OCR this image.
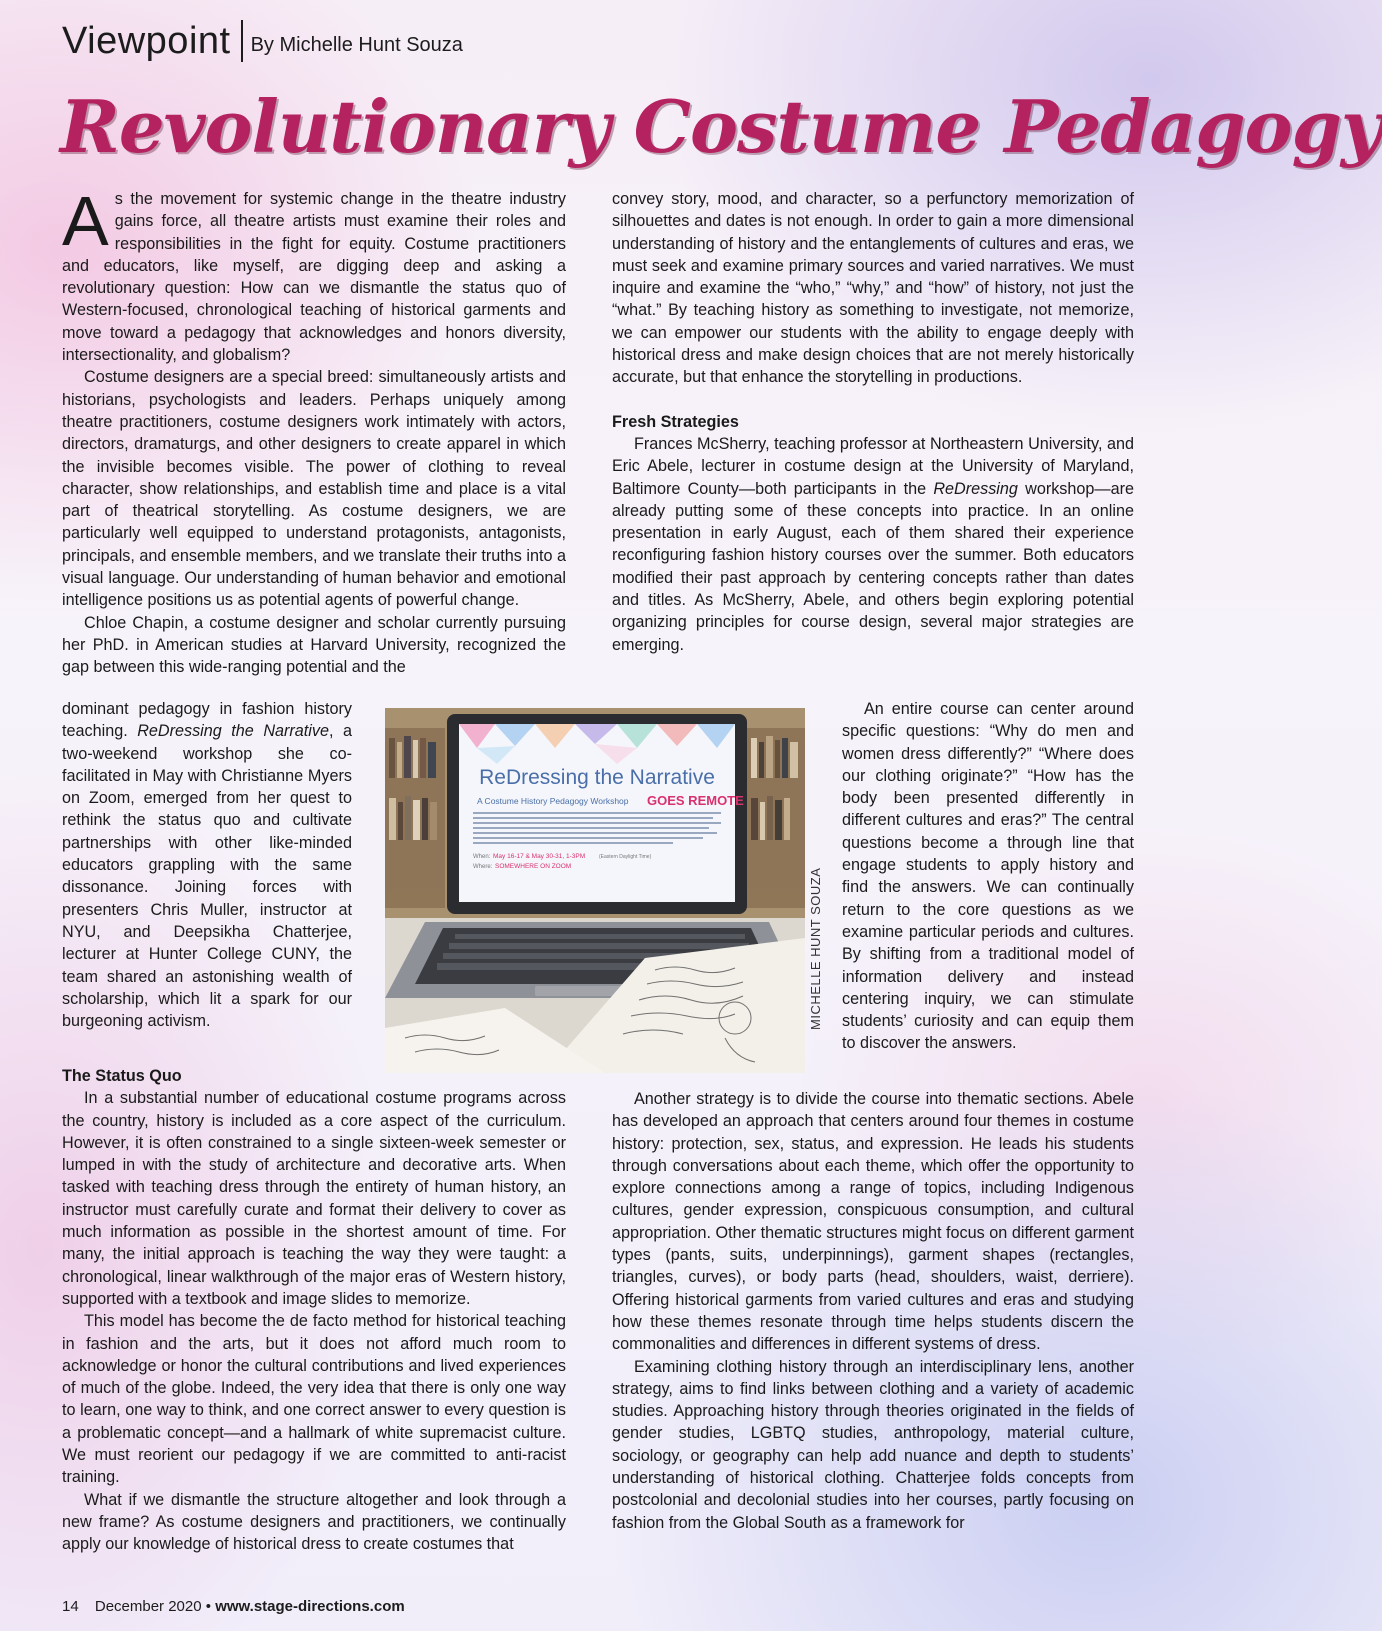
Viewpoint By Michelle Hunt Souza
Revolutionary Costume Pedagogy

As the movement for systemic change in the theatre industry gains force, all theatre artists must examine their roles and responsibilities in the fight for equity. Costume practitioners and educators, like myself, are digging deep and asking a revolutionary question: How can we dismantle the status quo of Western-focused, chronological teaching of historical garments and move toward a pedagogy that acknowledges and honors diversity, intersectionality, and globalism?

Costume designers are a special breed: simultaneously artists and historians, psychologists and leaders. Perhaps uniquely among theatre practitioners, costume designers work intimately with actors, directors, dramaturgs, and other designers to create apparel in which the invisible becomes visible. The power of clothing to reveal character, show relationships, and establish time and place is a vital part of theatrical storytelling. As costume designers, we are particularly well equipped to understand protagonists, antagonists, principals, and ensemble members, and we translate their truths into a visual language. Our understanding of human behavior and emotional intelligence positions us as potential agents of powerful change.

Chloe Chapin, a costume designer and scholar currently pursuing her PhD. in American studies at Harvard University, recognized the gap between this wide-ranging potential and the

dominant pedagogy in fashion history teaching. ReDressing the Narrative, a two-weekend workshop she co-facilitated in May with Christianne Myers on Zoom, emerged from her quest to rethink the status quo and cultivate partnerships with other like-minded educators grappling with the same dissonance. Joining forces with presenters Chris Muller, instructor at NYU, and Deepsikha Chatterjee, lecturer at Hunter College CUNY, the team shared an astonishing wealth of scholarship, which lit a spark for our burgeoning activism.

The Status Quo

In a substantial number of educational costume programs across the country, history is included as a core aspect of the curriculum. However, it is often constrained to a single sixteen-week semester or lumped in with the study of architecture and decorative arts. When tasked with teaching dress through the entirety of human history, an instructor must carefully curate and format their delivery to cover as much information as possible in the shortest amount of time. For many, the initial approach is teaching the way they were taught: a chronological, linear walkthrough of the major eras of Western history, supported with a textbook and image slides to memorize.

This model has become the de facto method for historical teaching in fashion and the arts, but it does not afford much room to acknowledge or honor the cultural contributions and lived experiences of much of the globe. Indeed, the very idea that there is only one way to learn, one way to think, and one correct answer to every question is a problematic concept—and a hallmark of white supremacist culture. We must reorient our pedagogy if we are committed to anti-racist training.

What if we dismantle the structure altogether and look through a new frame? As costume designers and practitioners, we continually apply our knowledge of historical dress to create costumes that

convey story, mood, and character, so a perfunctory memorization of silhouettes and dates is not enough. In order to gain a more dimensional understanding of history and the entanglements of cultures and eras, we must seek and examine primary sources and varied narratives. We must inquire and examine the “who,” “why,” and “how” of history, not just the “what.” By teaching history as something to investigate, not memorize, we can empower our students with the ability to engage deeply with historical dress and make design choices that are not merely historically accurate, but that enhance the storytelling in productions.

Fresh Strategies

Frances McSherry, teaching professor at Northeastern University, and Eric Abele, lecturer in costume design at the University of Maryland, Baltimore County—both participants in the ReDressing workshop—are already putting some of these concepts into practice. In an online presentation in early August, each of them shared their experience reconfiguring fashion history courses over the summer. Both educators modified their past approach by centering concepts rather than dates and titles. As McSherry, Abele, and others begin exploring potential organizing principles for course design, several major strategies are emerging.

An entire course can center around specific questions: “Why do men and women dress differently?” “Where does our clothing originate?” “How has the body been presented differently in different cultures and eras?” The central questions become a through line that engage students to apply history and find the answers. We can continually return to the core questions as we examine particular periods and cultures. By shifting from a traditional model of information delivery and instead centering inquiry, we can stimulate students’ curiosity and can equip them to discover the answers.

Another strategy is to divide the course into thematic sections. Abele has developed an approach that centers around four themes in costume history: protection, sex, status, and expression. He leads his students through conversations about each theme, which offer the opportunity to explore connections among a range of topics, including Indigenous cultures, gender expression, conspicuous consumption, and cultural appropriation. Other thematic structures might focus on different garment types (pants, suits, underpinnings), garment shapes (rectangles, triangles, curves), or body parts (head, shoulders, waist, derriere). Offering historical garments from varied cultures and eras and studying how these themes resonate through time helps students discern the commonalities and differences in different systems of dress.

Examining clothing history through an interdisciplinary lens, another strategy, aims to find links between clothing and a variety of academic studies. Approaching history through theories originated in the fields of gender studies, LGBTQ studies, anthropology, material culture, sociology, or geography can help add nuance and depth to students’ understanding of historical clothing. Chatterjee folds concepts from postcolonial and decolonial studies into her courses, partly focusing on fashion from the Global South as a framework for

ReDressing the Narrative
A Costume History Pedagogy Workshop GOES REMOTE
When: May 16-17 & May 30-31, 1-3PM	(Eastern Daylight Time)
Where: SOMEWHERE ON ZOOM
MICHELLE HUNT SOUZA
14 December 2020 • www.stage-directions.com
